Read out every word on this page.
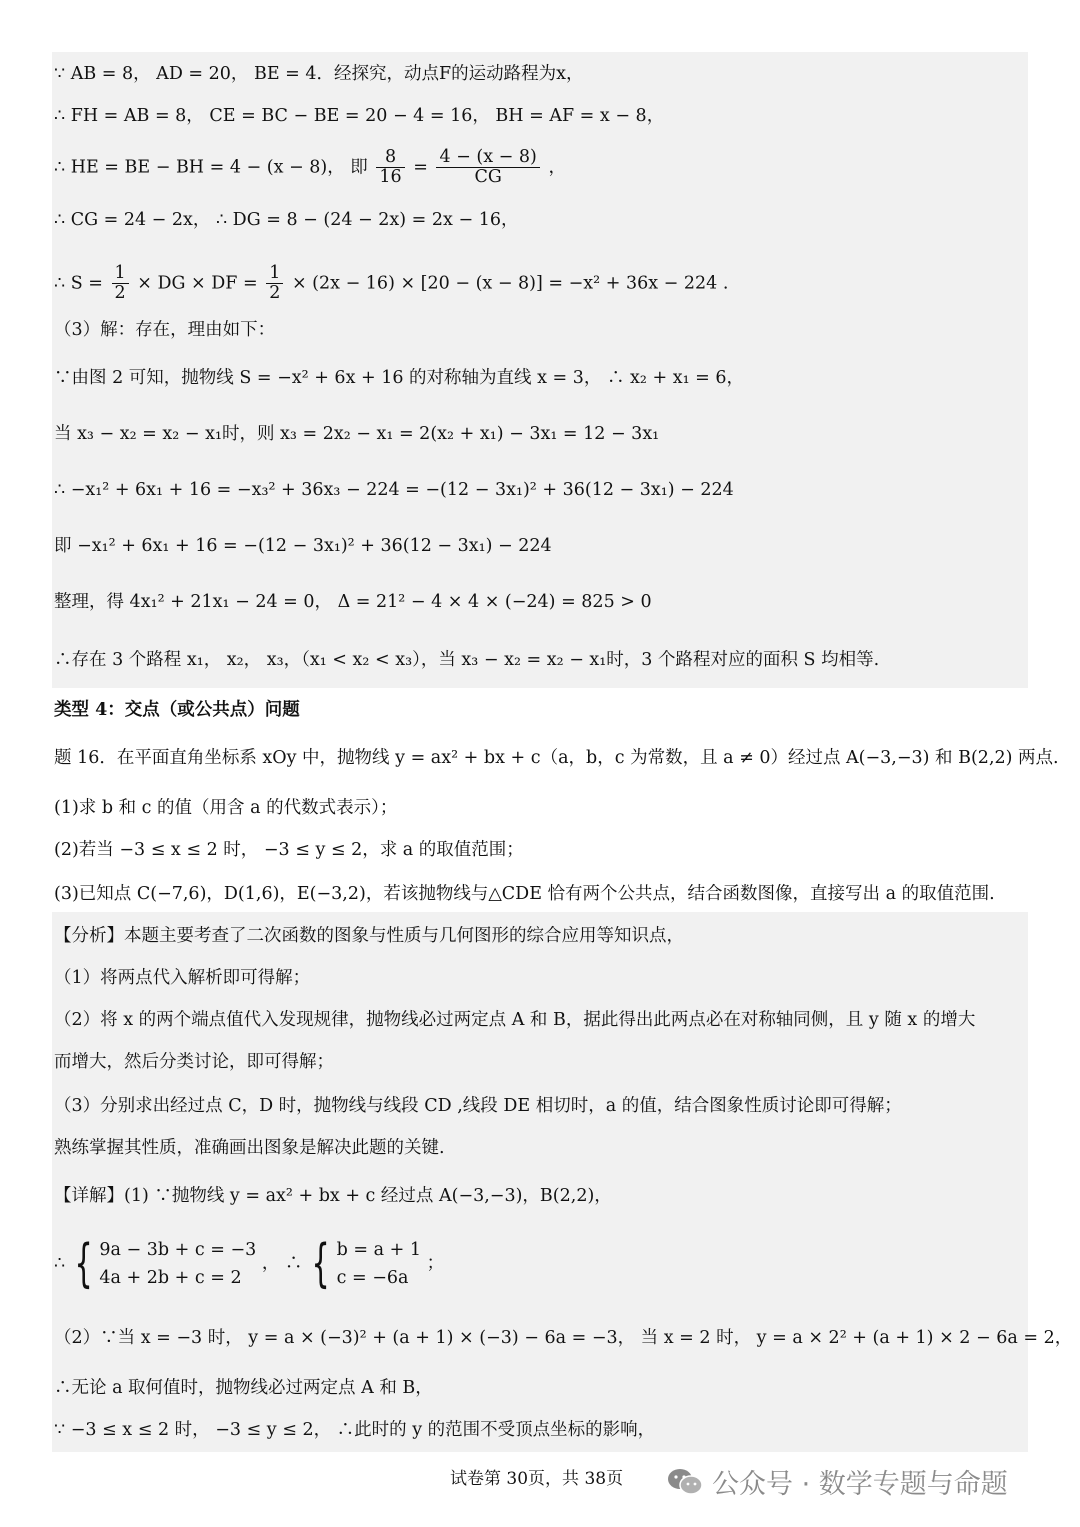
∵ AB = 8， AD = 20， BE = 4．经探究，动点F的运动路程为x，
∴ FH = AB = 8， CE = BC − BE = 20 − 4 = 16， BH = AF = x − 8，
∴ HE = BE − BH = 4 − (x − 8)， 即 $\frac{8}{16} = \frac{4 - (x - 8)}{CG}$ ，
∴ CG = 24 − 2x， ∴ DG = 8 − (24 − 2x) = 2x − 16，
∴ $S = \frac{1}{2}$ × DG × DF = $\frac{1}{2} \times (2x - 16) \times [20 - (x - 8)] = -x^2 + 36x - 224$ .
（3）解：存在，理由如下：
∵由图 2 可知，抛物线 S = −x² + 6x + 16 的对称轴为直线 x = 3， ∴ x₂ + x₁ = 6，
当 x₃ − x₂ = x₂ − x₁时，则 x₃ = 2x₂ − x₁ = 2(x₂ + x₁) − 3x₁ = 12 − 3x₁
∴ −x₁² + 6x₁ + 16 = −x₃² + 36x₃ − 224 = −(12 − 3x₁)² + 36(12 − 3x₁) − 224
即 −x₁² + 6x₁ + 16 = −(12 − 3x₁)² + 36(12 − 3x₁) − 224
整理，得 4x₁² + 21x₁ − 24 = 0， Δ = 21² − 4 × 4 × (−24) = 825 > 0
∴存在 3 个路程 x₁， x₂， x₃，（x₁ < x₂ < x₃），当 x₃ − x₂ = x₂ − x₁时，3 个路程对应的面积 S 均相等.
类型 4：交点（或公共点）问题
题 16．在平面直角坐标系 xOy 中，抛物线 y = ax² + bx + c（a，b，c 为常数，且 a ≠ 0）经过点 A(−3,−3) 和 B(2,2) 两点.
(1)求 b 和 c 的值（用含 a 的代数式表示）；
(2)若当 −3 ≤ x ≤ 2 时， −3 ≤ y ≤ 2，求 a 的取值范围；
(3)已知点 C(−7,6)，D(1,6)，E(−3,2)，若该抛物线与△CDE 恰有两个公共点，结合函数图像，直接写出 a 的取值范围.
【分析】本题主要考查了二次函数的图象与性质与几何图形的综合应用等知识点，
（1）将两点代入解析即可得解；
（2）将 x 的两个端点值代入发现规律，抛物线必过两定点 A 和 B，据此得出此两点必在对称轴同侧，且 y 随 x 的增大
而增大，然后分类讨论，即可得解；
（3）分别求出经过点 C，D 时，抛物线与线段 CD ,线段 DE 相切时，a 的值，结合图象性质讨论即可得解；
熟练掌握其性质，准确画出图象是解决此题的关键.
【详解】(1) ∵抛物线 y = ax² + bx + c 经过点 A(−3,−3)，B(2,2)，
∴ { 9a − 3b + c = −3
4a + 2b + c = 2
， ∴ { b = a + 1
c = −6a
；
（2）∵当 x = −3 时， y = a × (−3)² + (a + 1) × (−3) − 6a = −3， 当 x = 2 时， y = a × 2² + (a + 1) × 2 − 6a = 2，
∴无论 a 取何值时，抛物线必过两定点 A 和 B，
∵ −3 ≤ x ≤ 2 时， −3 ≤ y ≤ 2， ∴此时的 y 的范围不受顶点坐标的影响，
试卷第 30页，共 38页	公众号 · 数学专题与命题
